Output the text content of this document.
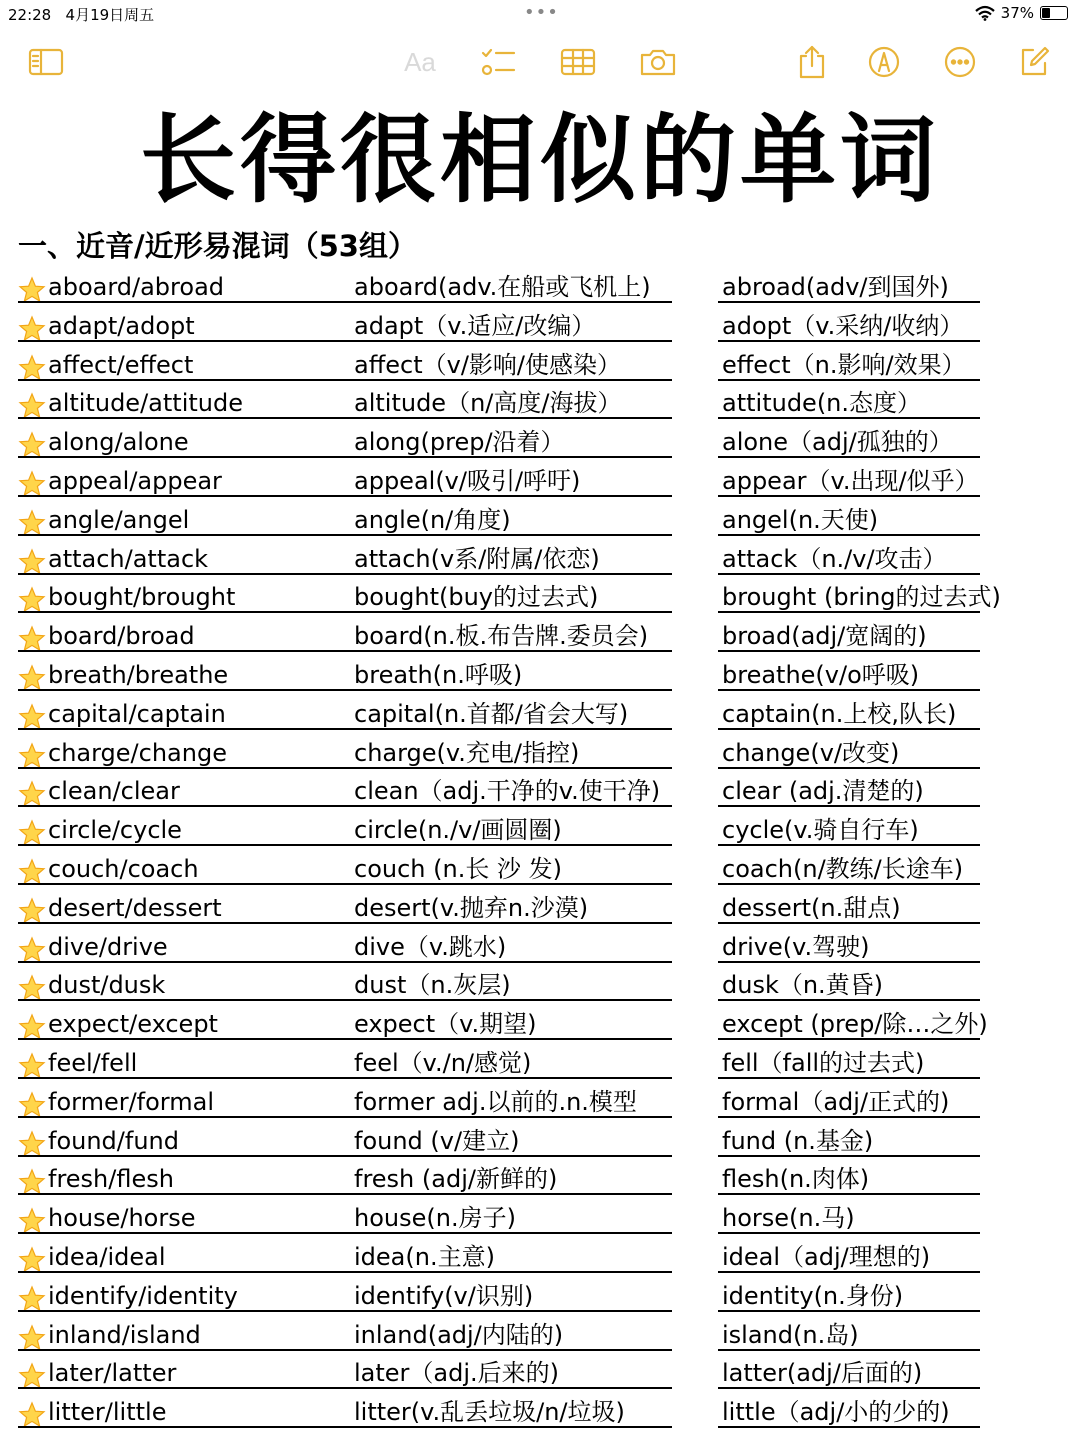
22:28 4月19日周五	•••	37%
Aa
长得很相似的单词
一、近音/近形易混词（53组）
aboard/abroad	aboard(adv.在船或飞机上)	abroad(adv/到国外)
adapt/adopt	adapt（v.适应/改编）	adopt（v.采纳/收纳）
affect/effect	affect（v/影响/使感染）	effect（n.影响/效果）
altitude/attitude	altitude（n/高度/海拔）	attitude(n.态度）
along/alone	along(prep/沿着）	alone（adj/孤独的）
appeal/appear	appeal(v/吸引/呼吁)	appear（v.出现/似乎）
angle/angel	angle(n/角度)	angel(n.天使)
attach/attack	attach(v系/附属/依恋)	attack（n./v/攻击）
bought/brought	bought(buy的过去式)	brought (bring的过去式)
board/broad	board(n.板.布告牌.委员会)	broad(adj/宽阔的)
breath/breathe	breath(n.呼吸)	breathe(v/o呼吸)
capital/captain	capital(n.首都/省会大写)	captain(n.上校,队长)
charge/change	charge(v.充电/指控)	change(v/改变)
clean/clear	clean（adj.干净的v.使干净)	clear (adj.清楚的)
circle/cycle	circle(n./v/画圆圈)	cycle(v.骑自行车)
couch/coach	couch (n.长 沙 发)	coach(n/教练/长途车)
desert/dessert	desert(v.抛弃n.沙漠)	dessert(n.甜点)
dive/drive	dive（v.跳水)	drive(v.驾驶)
dust/dusk	dust（n.灰层)	dusk（n.黄昏)
expect/except	expect（v.期望)	except (prep/除…之外)
feel/fell	feel（v./n/感觉)	fell（fall的过去式)
former/formal	former adj.以前的.n.模型	formal（adj/正式的)
found/fund	found (v/建立)	fund (n.基金)
fresh/flesh	fresh (adj/新鲜的)	flesh(n.肉体)
house/horse	house(n.房子)	horse(n.马)
idea/ideal	idea(n.主意)	ideal（adj/理想的)
identify/identity	identify(v/识别)	identity(n.身份)
inland/island	inland(adj/内陆的)	island(n.岛)
later/latter	later（adj.后来的)	latter(adj/后面的)
litter/little	litter(v.乱丢垃圾/n/垃圾)	little（adj/小的少的)
